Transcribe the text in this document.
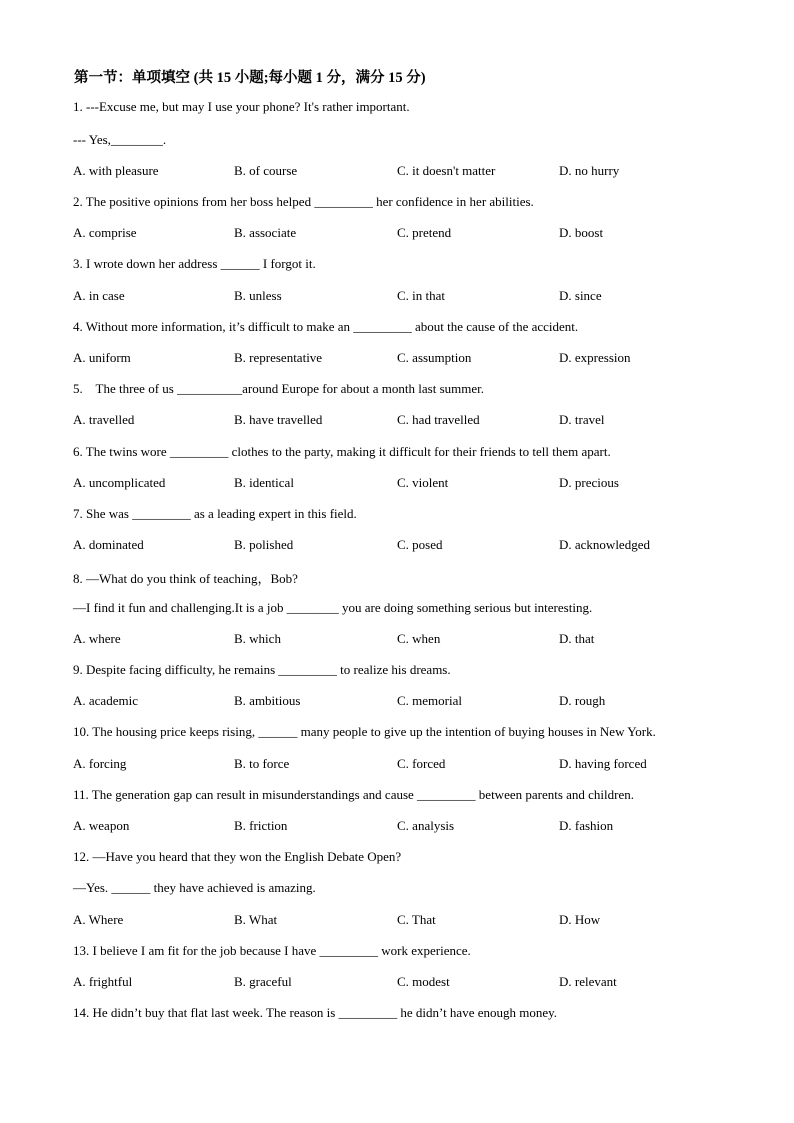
第一节：单项填空 (共 15 小题;每小题 1 分，满分 15 分)
1. ---Excuse me, but may I use your phone? It's rather important.
--- Yes,________.
A. with pleasure	B. of course	C. it doesn't matter	D. no hurry
2. The positive opinions from her boss helped _________ her confidence in her abilities.
A. comprise	B. associate	C. pretend	D. boost
3. I wrote down her address ______ I forgot it.
A. in case	B. unless	C. in that	D. since
4. Without more information, it’s difficult to make an _________ about the cause of the accident.
A. uniform	B. representative	C. assumption	D. expression
5.    The three of us __________around Europe for about a month last summer.
A. travelled	B. have travelled	C. had travelled	D. travel
6. The twins wore _________ clothes to the party, making it difficult for their friends to tell them apart.
A. uncomplicated	B. identical	C. violent	D. precious
7. She was _________ as a leading expert in this field.
A. dominated	B. polished	C. posed	D. acknowledged
8. —What do you think of teaching，Bob?
—I find it fun and challenging.It is a job ________ you are doing something serious but interesting.
A. where	B. which	C. when	D. that
9. Despite facing difficulty, he remains _________ to realize his dreams.
A. academic	B. ambitious	C. memorial	D. rough
10. The housing price keeps rising, ______ many people to give up the intention of buying houses in New York.
A. forcing	B. to force	C. forced	D. having forced
11. The generation gap can result in misunderstandings and cause _________ between parents and children.
A. weapon	B. friction	C. analysis	D. fashion
12. —Have you heard that they won the English Debate Open?
—Yes. ______ they have achieved is amazing.
A. Where	B. What	C. That	D. How
13. I believe I am fit for the job because I have _________ work experience.
A. frightful	B. graceful	C. modest	D. relevant
14. He didn’t buy that flat last week. The reason is _________ he didn’t have enough money.
